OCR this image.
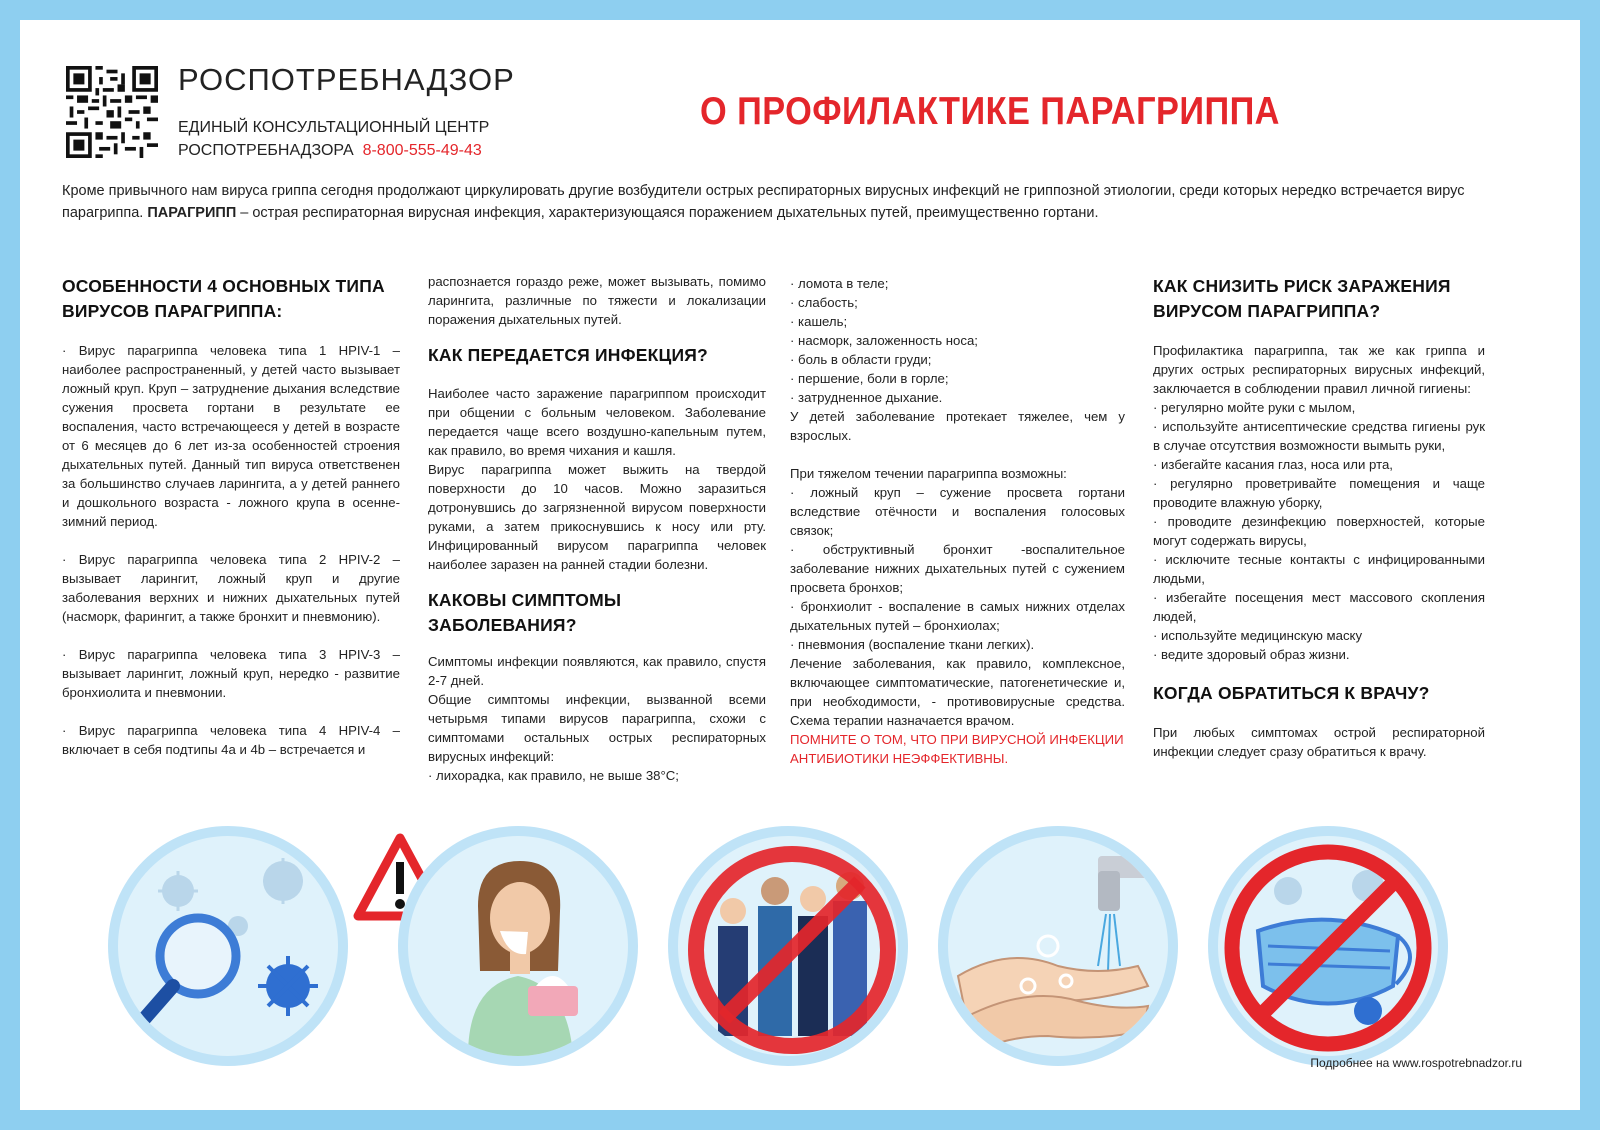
РОСПОТРЕБНАДЗОР
ЕДИНЫЙ КОНСУЛЬТАЦИОННЫЙ ЦЕНТР
РОСПОТРЕБНАДЗОРА 8-800-555-49-43
О ПРОФИЛАКТИКЕ ПАРАГРИППА
Кроме привычного нам вируса гриппа сегодня продолжают циркулировать другие возбудители острых респираторных вирусных инфекций не гриппозной этиологии, среди которых нередко встречается вирус парагриппа. ПАРАГРИПП – острая респираторная вирусная инфекция, характеризующаяся поражением дыхательных путей, преимущественно гортани.

ОСОБЕННОСТИ 4 ОСНОВНЫХ ТИПА ВИРУСОВ ПАРАГРИППА:

· Вирус парагриппа человека типа 1 HPIV-1 – наиболее распространенный, у детей часто вызывает ложный круп. Круп – затруднение дыхания вследствие сужения просвета гортани в результате ее воспаления, часто встречающееся у детей в возрасте от 6 месяцев до 6 лет из-за особенностей строения дыхательных путей. Данный тип вируса ответственен за большинство случаев ларингита, а у детей раннего и дошкольного возраста - ложного крупа в осенне-зимний период.

· Вирус парагриппа человека типа 2 HPIV-2 – вызывает ларингит, ложный круп и другие заболевания верхних и нижних дыхательных путей (насморк, фарингит, а также бронхит и пневмонию).

· Вирус парагриппа человека типа 3 HPIV-3 – вызывает ларингит, ложный круп, нередко - развитие бронхиолита и пневмонии.

· Вирус парагриппа человека типа 4 HPIV-4 – включает в себя подтипы 4а и 4b – встречается и

распознается гораздо реже, может вызывать, помимо ларингита, различные по тяжести и локализации поражения дыхательных путей.

КАК ПЕРЕДАЕТСЯ ИНФЕКЦИЯ?

Наиболее часто заражение парагриппом происходит при общении с больным человеком. Заболевание передается чаще всего воздушно-капельным путем, как правило, во время чихания и кашля.

Вирус парагриппа может выжить на твердой поверхности до 10 часов. Можно заразиться дотронувшись до загрязненной вирусом поверхности руками, а затем прикоснувшись к носу или рту. Инфицированный вирусом парагриппа человек наиболее заразен на ранней стадии болезни.

КАКОВЫ СИМПТОМЫ ЗАБОЛЕВАНИЯ?

Симптомы инфекции появляются, как правило, спустя 2-7 дней.

Общие симптомы инфекции, вызванной всеми четырьмя типами вирусов парагриппа, схожи с симптомами остальных острых респираторных вирусных инфекций:

· лихорадка, как правило, не выше 38°С;

· ломота в теле;

· слабость;

· кашель;

· насморк, заложенность носа;

· боль в области груди;

· першение, боли в горле;

· затрудненное дыхание.

У детей заболевание протекает тяжелее, чем у взрослых.

При тяжелом течении парагриппа возможны:

· ложный круп – сужение просвета гортани вследствие отёчности и воспаления голосовых связок;

· обструктивный бронхит -воспалительное заболевание нижних дыхательных путей с сужением просвета бронхов;

· бронхиолит - воспаление в самых нижних отделах дыхательных путей – бронхиолах;

· пневмония (воспаление ткани легких).

Лечение заболевания, как правило, комплексное, включающее симптоматические, патогенетические и, при необходимости, - противовирусные средства. Схема терапии назначается врачом.

ПОМНИТЕ О ТОМ, ЧТО ПРИ ВИРУСНОЙ ИНФЕКЦИИ АНТИБИОТИКИ НЕЭФФЕКТИВНЫ.

КАК СНИЗИТЬ РИСК ЗАРАЖЕНИЯ ВИРУСОМ ПАРАГРИППА?

Профилактика парагриппа, так же как гриппа и других острых респираторных вирусных инфекций, заключается в соблюдении правил личной гигиены:

· регулярно мойте руки с мылом,

· используйте антисептические средства гигиены рук в случае отсутствия возможности вымыть руки,

· избегайте касания глаз, носа или рта,

· регулярно проветривайте помещения и чаще проводите влажную уборку,

· проводите дезинфекцию поверхностей, которые могут содержать вирусы,

· исключите тесные контакты с инфицированными людьми,

· избегайте посещения мест массового скопления людей,

· используйте медицинскую маску

· ведите здоровый образ жизни.

КОГДА ОБРАТИТЬСЯ К ВРАЧУ?

При любых симптомах острой респираторной инфекции следует сразу обратиться к врачу.

Подробнее на www.rospotrebnadzor.ru
